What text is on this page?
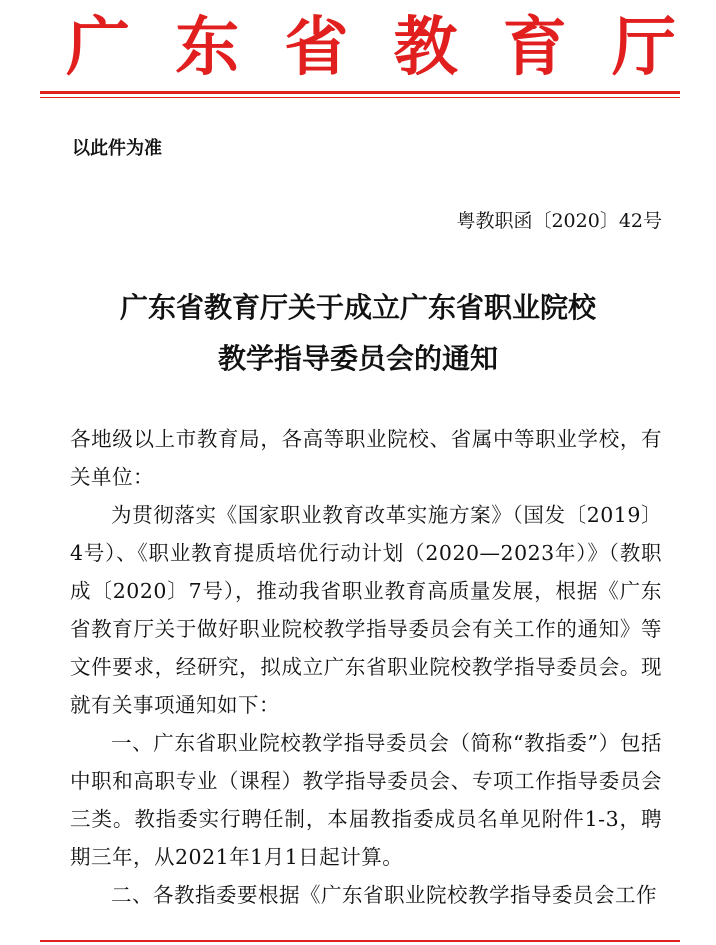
广 东 省 教 育 厅
以此件为准
粤教职函〔2020〕42号
广东省教育厅关于成立广东省职业院校
教学指导委员会的通知

各地级以上市教育局，各高等职业院校、省属中等职业学校，有关单位：

为贯彻落实《国家职业教育改革实施方案》（国发〔2019〕4号）、《职业教育提质培优行动计划（2020—2023年）》（教职成〔2020〕7号），推动我省职业教育高质量发展，根据《广东省教育厅关于做好职业院校教学指导委员会有关工作的通知》等文件要求，经研究，拟成立广东省职业院校教学指导委员会。现就有关事项通知如下：

一、广东省职业院校教学指导委员会（简称“教指委”）包括中职和高职专业（课程）教学指导委员会、专项工作指导委员会三类。教指委实行聘任制，本届教指委成员名单见附件1-3，聘期三年，从2021年1月1日起计算。

二、各教指委要根据《广东省职业院校教学指导委员会工作
